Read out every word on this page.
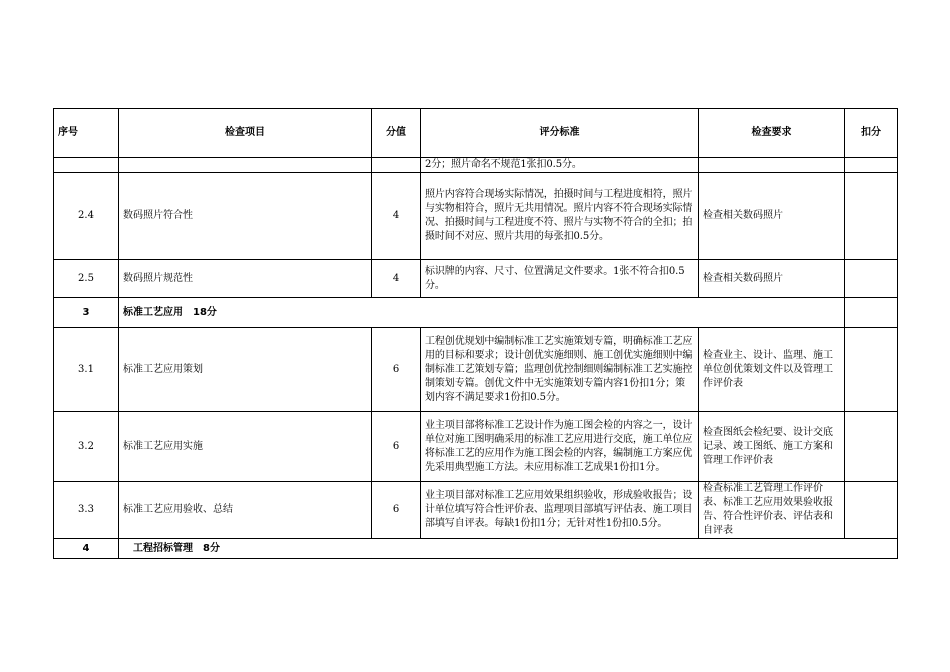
序号	检查项目	分值	评分标准	检查要求	扣分
			2分；照片命名不规范1张扣0.5分。		
2.4	数码照片符合性	4	照片内容符合现场实际情况，拍摄时间与工程进度相符，照片与实物相符合，照片无共用情况。照片内容不符合现场实际情况、拍摄时间与工程进度不符、照片与实物不符合的全扣；拍摄时间不对应、照片共用的每张扣0.5分。	检查相关数码照片	
2.5	数码照片规范性	4	标识牌的内容、尺寸、位置满足文件要求。1张不符合扣0.5分。	检查相关数码照片	
3	标准工艺应用　18分				
3.1	标准工艺应用策划	6	工程创优规划中编制标准工艺实施策划专篇，明确标准工艺应用的目标和要求；设计创优实施细则、施工创优实施细则中编制标准工艺策划专篇；监理创优控制细则编制标准工艺实施控制策划专篇。创优文件中无实施策划专篇内容1份扣1分；策划内容不满足要求1份扣0.5分。	检查业主、设计、监理、施工单位创优策划文件以及管理工作评价表	
3.2	标准工艺应用实施	6	业主项目部将标准工艺设计作为施工图会检的内容之一，设计单位对施工图明确采用的标准工艺应用进行交底，施工单位应将标准工艺的应用作为施工图会检的内容，编制施工方案应优先采用典型施工方法。未应用标准工艺成果1份扣1分。	检查图纸会检纪要、设计交底记录、竣工图纸、施工方案和管理工作评价表	
3.3	标准工艺应用验收、总结	6	业主项目部对标准工艺应用效果组织验收，形成验收报告；设计单位填写符合性评价表、监理项目部填写评估表、施工项目部填写自评表。每缺1份扣1分；无针对性1份扣0.5分。	检查标准工艺管理工作评价表、标准工艺应用效果验收报告、符合性评价表、评估表和自评表	
4	　工程招标管理　8分				
